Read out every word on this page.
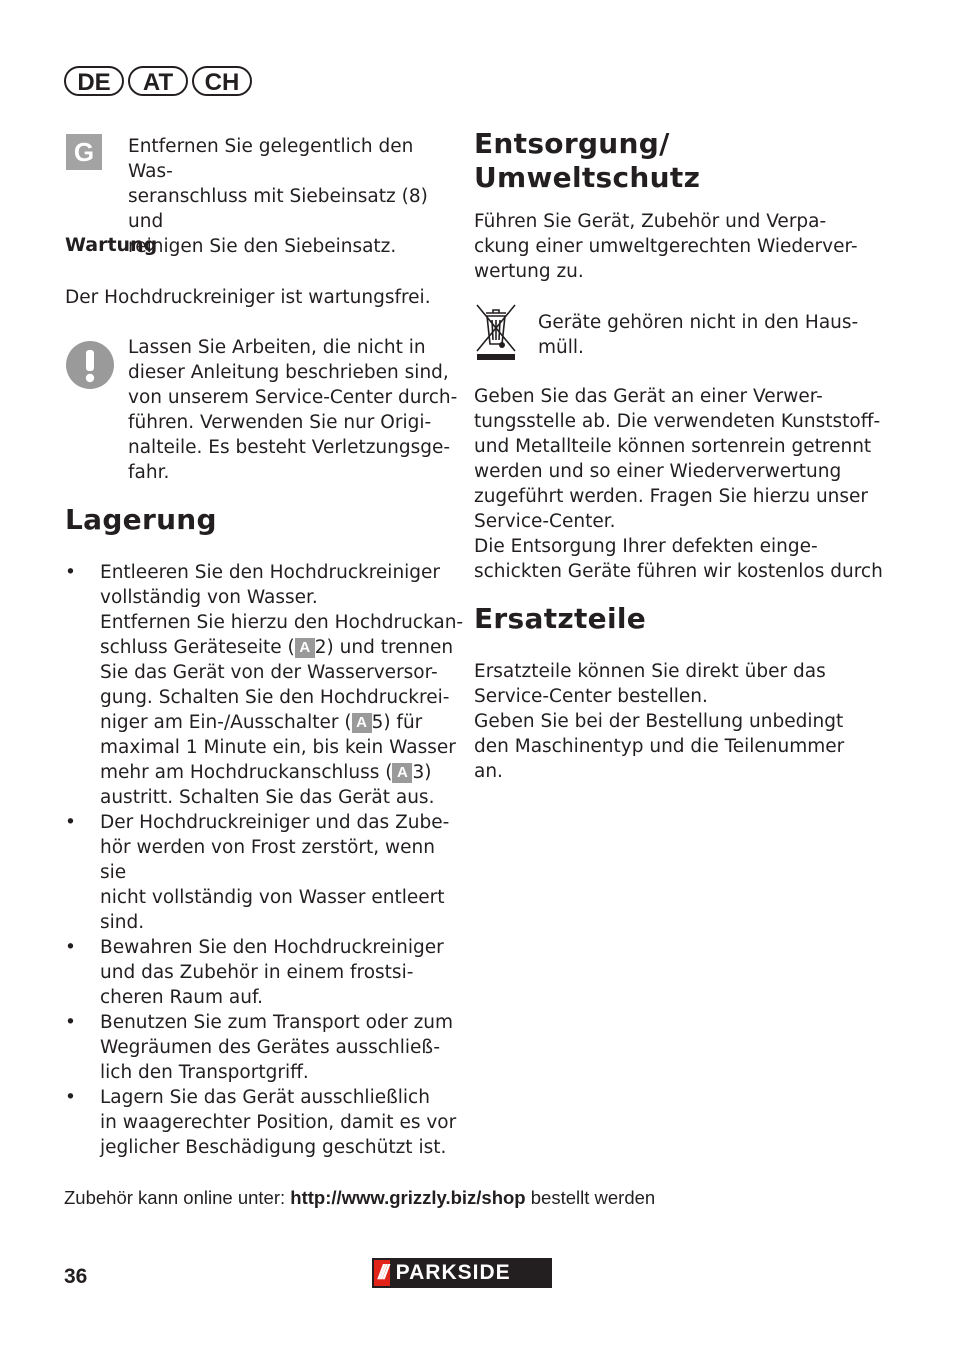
DE	AT	CH
G	Entfernen Sie gelegentlich den Was-
seranschluss mit Siebeinsatz (8) und
reinigen Sie den Siebeinsatz.
Wartung
Der Hochdruckreiniger ist wartungsfrei.
Lassen Sie Arbeiten, die nicht in
dieser Anleitung beschrieben sind,
von unserem Service-Center durch-
führen. Verwenden Sie nur Origi-
nalteile. Es besteht Verletzungsge-
fahr.
Lagerung
• Entleeren Sie den Hochdruckreiniger
vollständig von Wasser.
Entfernen Sie hierzu den Hochdruckan-
schluss Geräteseite ( A 2) und trennen
Sie das Gerät von der Wasserversor-
gung. Schalten Sie den Hochdruckrei-
niger am Ein-/Ausschalter ( A 5) für
maximal 1 Minute ein, bis kein Wasser
mehr am Hochdruckanschluss ( A 3)
austritt. Schalten Sie das Gerät aus.
• Der Hochdruckreiniger und das Zube-
hör werden von Frost zerstört, wenn sie
nicht vollständig von Wasser entleert
sind.
• Bewahren Sie den Hochdruckreiniger
und das Zubehör in einem frostsi-
cheren Raum auf.
• Benutzen Sie zum Transport oder zum
Wegräumen des Gerätes ausschließ-
lich den Transportgriff.
• Lagern Sie das Gerät ausschließlich
in waagerechter Position, damit es vor
jeglicher Beschädigung geschützt ist.
Entsorgung/
Umweltschutz
Führen Sie Gerät, Zubehör und Verpa-
ckung einer umweltgerechten Wiederver-
wertung zu.
Geräte gehören nicht in den Haus-
müll.
Geben Sie das Gerät an einer Verwer-
tungsstelle ab. Die verwendeten Kunststoff-
und Metallteile können sortenrein getrennt
werden und so einer Wiederverwertung
zugeführt werden. Fragen Sie hierzu unser
Service-Center.
Die Entsorgung Ihrer defekten einge-
schickten Geräte führen wir kostenlos durch
Ersatzteile
Ersatzteile können Sie direkt über das
Service-Center bestellen.
Geben Sie bei der Bestellung unbedingt
den Maschinentyp und die Teilenummer
an.
Zubehör kann online unter: http://www.grizzly.biz/shop bestellt werden
36	/// PARKSIDE
